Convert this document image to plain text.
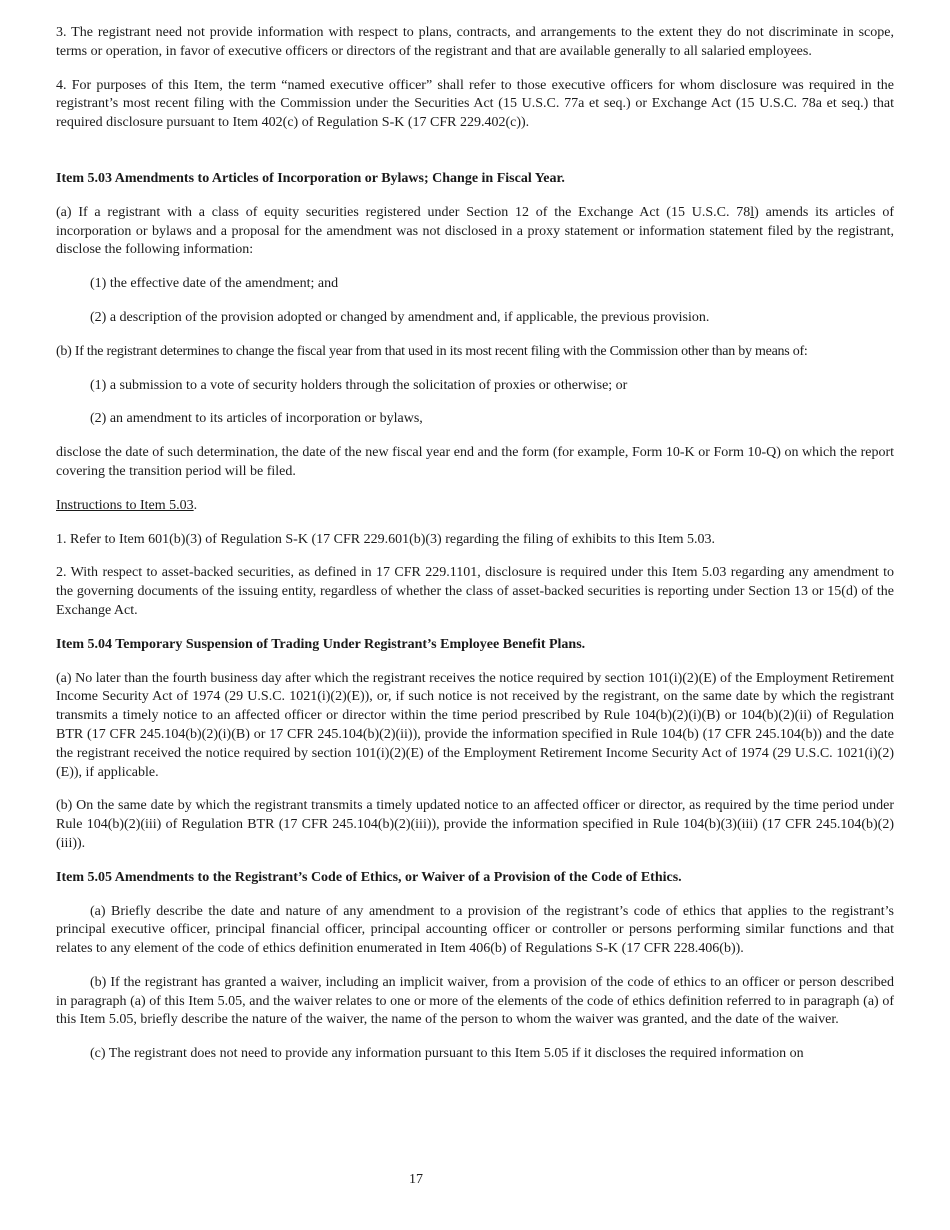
3. The registrant need not provide information with respect to plans, contracts, and arrangements to the extent they do not discriminate in scope, terms or operation, in favor of executive officers or directors of the registrant and that are available generally to all salaried employees.

4. For purposes of this Item, the term “named executive officer” shall refer to those executive officers for whom disclosure was required in the registrant’s most recent filing with the Commission under the Securities Act (15 U.S.C. 77a et seq.) or Exchange Act (15 U.S.C. 78a et seq.) that required disclosure pursuant to Item 402(c) of Regulation S-K (17 CFR 229.402(c)).

Item 5.03 Amendments to Articles of Incorporation or Bylaws; Change in Fiscal Year.

(a) If a registrant with a class of equity securities registered under Section 12 of the Exchange Act (15 U.S.C. 78l) amends its articles of incorporation or bylaws and a proposal for the amendment was not disclosed in a proxy statement or information statement filed by the registrant, disclose the following information:

(1) the effective date of the amendment; and

(2) a description of the provision adopted or changed by amendment and, if applicable, the previous provision.

(b) If the registrant determines to change the fiscal year from that used in its most recent filing with the Commission other than by means of:

(1) a submission to a vote of security holders through the solicitation of proxies or otherwise; or

(2) an amendment to its articles of incorporation or bylaws,

disclose the date of such determination, the date of the new fiscal year end and the form (for example, Form 10-K or Form 10-Q) on which the report covering the transition period will be filed.

Instructions to Item 5.03.

1. Refer to Item 601(b)(3) of Regulation S-K (17 CFR 229.601(b)(3) regarding the filing of exhibits to this Item 5.03.

2. With respect to asset-backed securities, as defined in 17 CFR 229.1101, disclosure is required under this Item 5.03 regarding any amendment to the governing documents of the issuing entity, regardless of whether the class of asset-backed securities is reporting under Section 13 or 15(d) of the Exchange Act.

Item 5.04 Temporary Suspension of Trading Under Registrant’s Employee Benefit Plans.

(a) No later than the fourth business day after which the registrant receives the notice required by section 101(i)(2)(E) of the Employment Retirement Income Security Act of 1974 (29 U.S.C. 1021(i)(2)(E)), or, if such notice is not received by the registrant, on the same date by which the registrant transmits a timely notice to an affected officer or director within the time period prescribed by Rule 104(b)(2)(i)(B) or 104(b)(2)(ii) of Regulation BTR (17 CFR 245.104(b)(2)(i)(B) or 17 CFR 245.104(b)(2)(ii)), provide the information specified in Rule 104(b) (17 CFR 245.104(b)) and the date the registrant received the notice required by section 101(i)(2)(E) of the Employment Retirement Income Security Act of 1974 (29 U.S.C. 1021(i)(2)(E)), if applicable.

(b) On the same date by which the registrant transmits a timely updated notice to an affected officer or director, as required by the time period under Rule 104(b)(2)(iii) of Regulation BTR (17 CFR 245.104(b)(2)(iii)), provide the information specified in Rule 104(b)(3)(iii) (17 CFR 245.104(b)(2)(iii)).

Item 5.05 Amendments to the Registrant’s Code of Ethics, or Waiver of a Provision of the Code of Ethics.

(a) Briefly describe the date and nature of any amendment to a provision of the registrant’s code of ethics that applies to the registrant’s principal executive officer, principal financial officer, principal accounting officer or controller or persons performing similar functions and that relates to any element of the code of ethics definition enumerated in Item 406(b) of Regulations S-K (17 CFR 228.406(b)).

(b) If the registrant has granted a waiver, including an implicit waiver, from a provision of the code of ethics to an officer or person described in paragraph (a) of this Item 5.05, and the waiver relates to one or more of the elements of the code of ethics definition referred to in paragraph (a) of this Item 5.05, briefly describe the nature of the waiver, the name of the person to whom the waiver was granted, and the date of the waiver.

(c) The registrant does not need to provide any information pursuant to this Item 5.05 if it discloses the required information on

17
